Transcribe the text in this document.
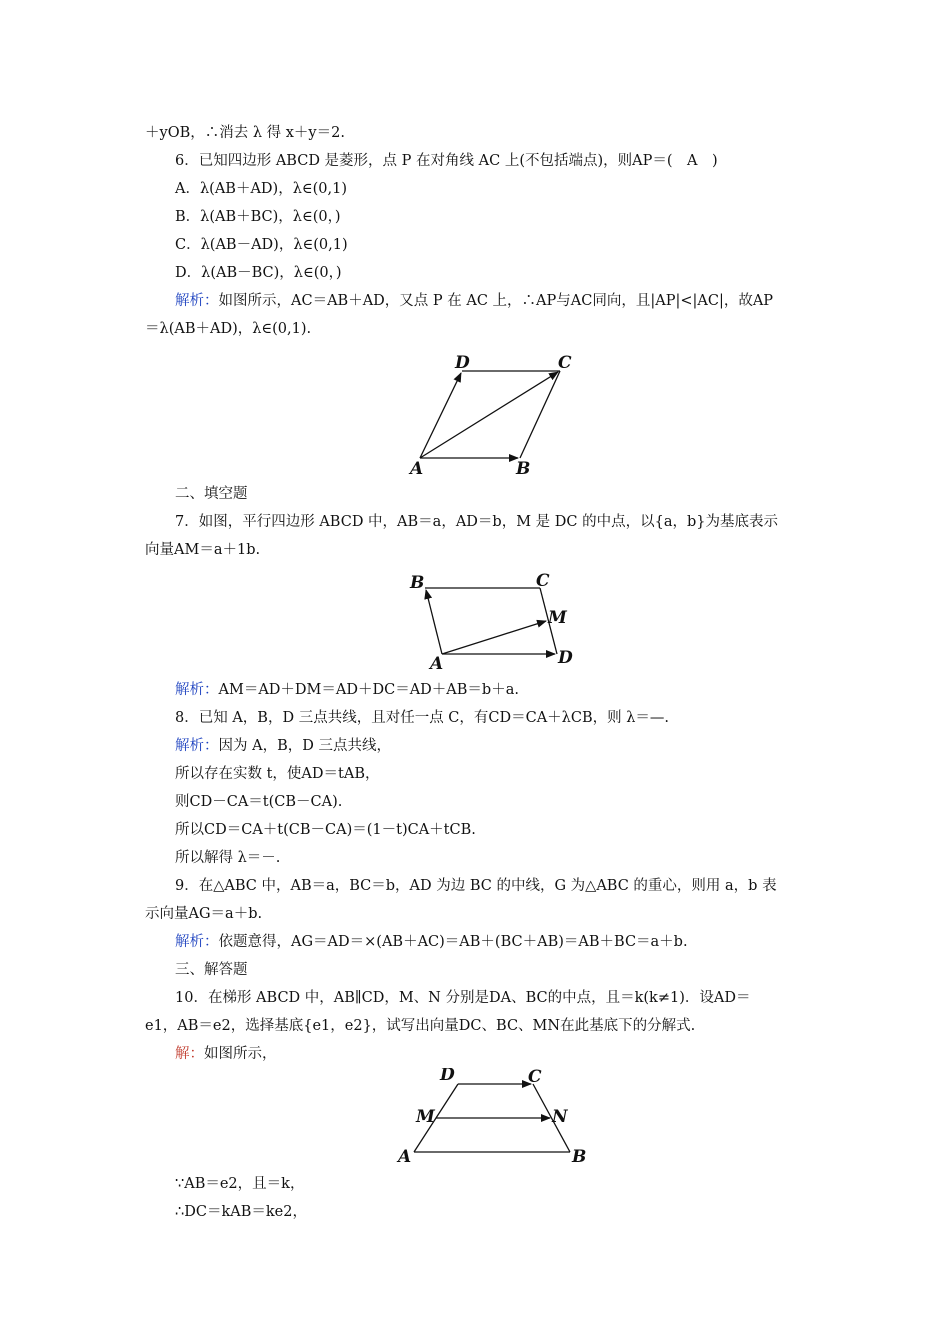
＋yOB，∴消去 λ 得 x＋y＝2.
6．已知四边形 ABCD 是菱形，点 P 在对角线 AC 上(不包括端点)，则AP＝(　A　)
A．λ(AB＋AD)，λ∈(0,1)
B．λ(AB＋BC)，λ∈(0，)
C．λ(AB－AD)，λ∈(0,1)
D．λ(AB－BC)，λ∈(0，)
解析：如图所示，AC＝AB＋AD，又点 P 在 AC 上，∴AP与AC同向，且|AP|<|AC|，故AP
＝λ(AB＋AD)，λ∈(0,1).
A	B
C
D
二、填空题
7．如图，平行四边形 ABCD 中，AB＝a，AD＝b，M 是 DC 的中点，以{a，b}为基底表示
向量AM＝a＋1b.
A
B	C
D
M
解析：AM＝AD＋DM＝AD＋DC＝AD＋AB＝b＋a.
8．已知 A，B，D 三点共线，且对任一点 C，有CD＝CA＋λCB，则 λ＝—.
解析：因为 A，B，D 三点共线，
所以存在实数 t，使AD＝tAB，
则CD－CA＝t(CB－CA).
所以CD＝CA＋t(CB－CA)＝(1－t)CA＋tCB.
所以解得 λ＝－.
9．在△ABC 中，AB＝a，BC＝b，AD 为边 BC 的中线，G 为△ABC 的重心，则用 a，b 表
示向量AG＝a＋b.
解析：依题意得，AG＝AD＝×(AB＋AC)＝AB＋(BC＋AB)＝AB＋BC＝a＋b.
三、解答题
10．在梯形 ABCD 中，AB∥CD，M、N 分别是DA、BC的中点，且＝k(k≠1)．设AD＝
e1，AB＝e2，选择基底{e1，e2}，试写出向量DC、BC、MN在此基底下的分解式.
解：如图所示，
A	B
C
D
M	N
∵AB＝e2，且＝k，
∴DC＝kAB＝ke2，
